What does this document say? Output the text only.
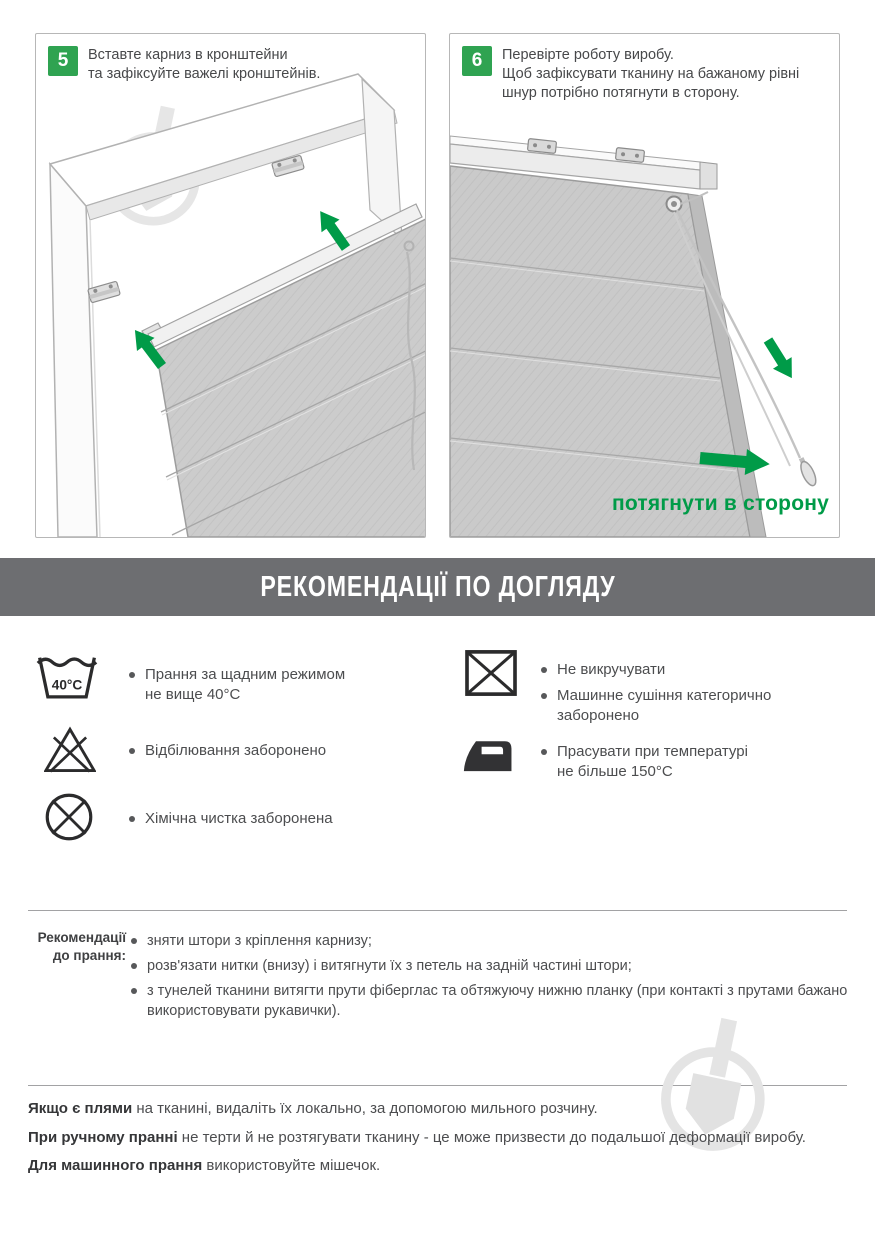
5	Вставте карниз в кронштейни
та зафіксуйте важелі кронштейнів.
6	Перевірте роботу виробу.
Щоб зафіксувати тканину на бажаному рівні
шнур потрібно потягнути в сторону.
потягнути в сторону
РЕКОМЕНДАЦІЇ ПО ДОГЛЯДУ
40°C
Прання за щадним режимом
не вище 40°С
Відбілювання заборонено
Хімічна чистка заборонена
Не викручувати
Машинне сушіння категорично
заборонено
Прасувати при температурі
не більше 150°С
Рекомендації
до прання:
зняти штори з кріплення карнизу;
розв'язати нитки (внизу) і витягнути їх з петель на задній частині штори;
з тунелей тканини витягти прути фіберглас та обтяжуючу нижню планку (при контакті з прутами бажано використовувати рукавички).
Якщо є плями на тканині, видаліть їх локально, за допомогою мильного розчину.
При ручному пранні не терти й не розтягувати тканину - це може призвести до подальшої деформації виробу.
Для машинного прання використовуйте мішечок.
